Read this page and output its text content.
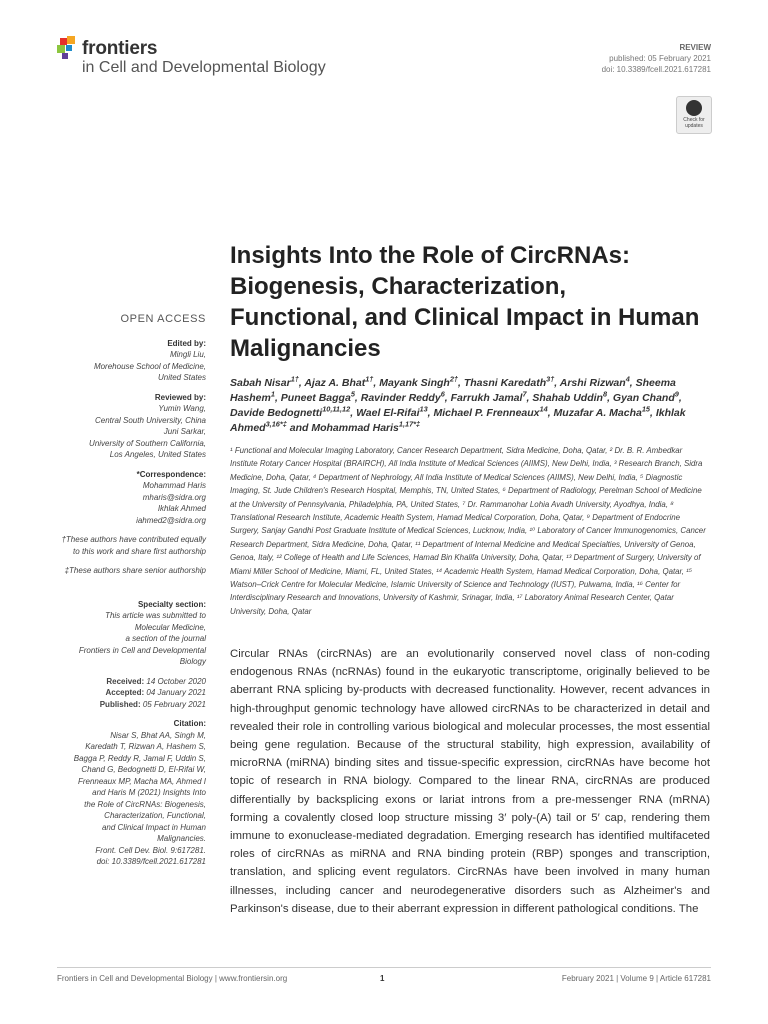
frontiers
in Cell and Developmental Biology
REVIEW
published: 05 February 2021
doi: 10.3389/fcell.2021.617281
Check for updates
Insights Into the Role of CircRNAs: Biogenesis, Characterization, Functional, and Clinical Impact in Human Malignancies
Sabah Nisar$^{1\dagger}$, Ajaz A. Bhat$^{1\dagger}$, Mayank Singh$^{2\dagger}$, Thasni Karedath$^{3\dagger}$, Arshi Rizwan$^4$, Sheema Hashem$^1$, Puneet Bagga$^5$, Ravinder Reddy$^6$, Farrukh Jamal$^7$, Shahab Uddin$^8$, Gyan Chand$^9$, Davide Bedognetti$^{10,11,12}$, Wael El-Rifai$^{13}$, Michael P. Frenneaux$^{14}$, Muzafar A. Macha$^{15}$, Ikhlak Ahmed$^{3,16*\ddagger}$ and Mohammad Haris$^{1,17*\ddagger}$
¹ Functional and Molecular Imaging Laboratory, Cancer Research Department, Sidra Medicine, Doha, Qatar, ² Dr. B. R. Ambedkar Institute Rotary Cancer Hospital (BRAIRCH), All India Institute of Medical Sciences (AIIMS), New Delhi, India, ³ Research Branch, Sidra Medicine, Doha, Qatar, ⁴ Department of Nephrology, All India Institute of Medical Sciences (AIIMS), New Delhi, India, ⁵ Diagnostic Imaging, St. Jude Children's Research Hospital, Memphis, TN, United States, ⁶ Department of Radiology, Perelman School of Medicine at the University of Pennsylvania, Philadelphia, PA, United States, ⁷ Dr. Rammanohar Lohia Avadh University, Ayodhya, India, ⁸ Translational Research Institute, Academic Health System, Hamad Medical Corporation, Doha, Qatar, ⁹ Department of Endocrine Surgery, Sanjay Gandhi Post Graduate Institute of Medical Sciences, Lucknow, India, ¹⁰ Laboratory of Cancer Immunogenomics, Cancer Research Department, Sidra Medicine, Doha, Qatar, ¹¹ Department of Internal Medicine and Medical Specialties, University of Genoa, Genoa, Italy, ¹² College of Health and Life Sciences, Hamad Bin Khalifa University, Doha, Qatar, ¹³ Department of Surgery, University of Miami Miller School of Medicine, Miami, FL, United States, ¹⁴ Academic Health System, Hamad Medical Corporation, Doha, Qatar, ¹⁵ Watson–Crick Centre for Molecular Medicine, Islamic University of Science and Technology (IUST), Pulwama, India, ¹⁶ Center for Interdisciplinary Research and Innovations, University of Kashmir, Srinagar, India, ¹⁷ Laboratory Animal Research Center, Qatar University, Doha, Qatar
Circular RNAs (circRNAs) are an evolutionarily conserved novel class of non-coding endogenous RNAs (ncRNAs) found in the eukaryotic transcriptome, originally believed to be aberrant RNA splicing by-products with decreased functionality. However, recent advances in high-throughput genomic technology have allowed circRNAs to be characterized in detail and revealed their role in controlling various biological and molecular processes, the most essential being gene regulation. Because of the structural stability, high expression, availability of microRNA (miRNA) binding sites and tissue-specific expression, circRNAs have become hot topic of research in RNA biology. Compared to the linear RNA, circRNAs are produced differentially by backsplicing exons or lariat introns from a pre-messenger RNA (mRNA) forming a covalently closed loop structure missing 3′ poly-(A) tail or 5′ cap, rendering them immune to exonuclease-mediated degradation. Emerging research has identified multifaceted roles of circRNAs as miRNA and RNA binding protein (RBP) sponges and transcription, translation, and splicing event regulators. CircRNAs have been involved in many human illnesses, including cancer and neurodegenerative disorders such as Alzheimer's and Parkinson's disease, due to their aberrant expression in different pathological conditions. The
OPEN ACCESS
Edited by:
Mingli Liu,
Morehouse School of Medicine,
United States
Reviewed by:
Yumin Wang,
Central South University, China
Juni Sarkar,
University of Southern California,
Los Angeles, United States
*Correspondence:
Mohammad Haris
mharis@sidra.org
Ikhlak Ahmed
iahmed2@sidra.org
†These authors have contributed equally to this work and share first authorship
‡These authors share senior authorship
Specialty section:
This article was submitted to
Molecular Medicine,
a section of the journal
Frontiers in Cell and Developmental
Biology
Received: 14 October 2020
Accepted: 04 January 2021
Published: 05 February 2021
Citation:
Nisar S, Bhat AA, Singh M,
Karedath T, Rizwan A, Hashem S,
Bagga P, Reddy R, Jamal F, Uddin S,
Chand G, Bedognetti D, El-Rifai W,
Frenneaux MP, Macha MA, Ahmed I
and Haris M (2021) Insights Into
the Role of CircRNAs: Biogenesis,
Characterization, Functional,
and Clinical Impact in Human
Malignancies.
Front. Cell Dev. Biol. 9:617281.
doi: 10.3389/fcell.2021.617281
Frontiers in Cell and Developmental Biology | www.frontiersin.org	1	February 2021 | Volume 9 | Article 617281
